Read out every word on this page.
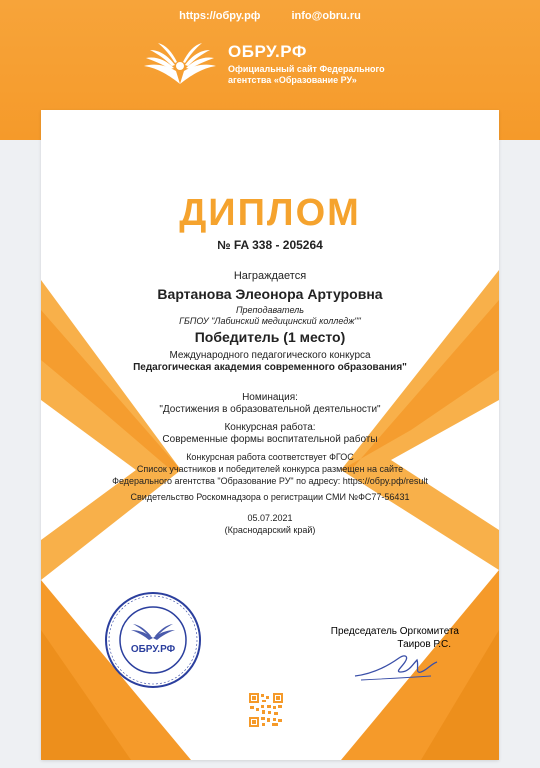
https://обру.рф	info@obru.ru
ОБРУ.РФ
Официальный сайт Федерального
агентства «Образование РУ»
ДИПЛОМ
№ FA 338 - 205264
Награждается
Вартанова Элеонора Артуровна
Преподаватель
ГБПОУ "Лабинский медицинский колледж""
Победитель (1 место)
Международного педагогического конкурса
Педагогическая академия современного образования"
Номинация:
"Достижения в образовательной деятельности"
Конкурсная работа:
Современные формы воспитательной работы
Конкурсная работа соответствует ФГОС
Список участников и победителей конкурса размещен на сайте
Федерального агентства "Образование РУ" по адресу: https://обру.рф/result
Свидетельство Роскомнадзора о регистрации СМИ №ФС77-56431
05.07.2021
(Краснодарский край)
ОБРУ.РФ
Председатель Оргкомитета
Таиров Р.С.
